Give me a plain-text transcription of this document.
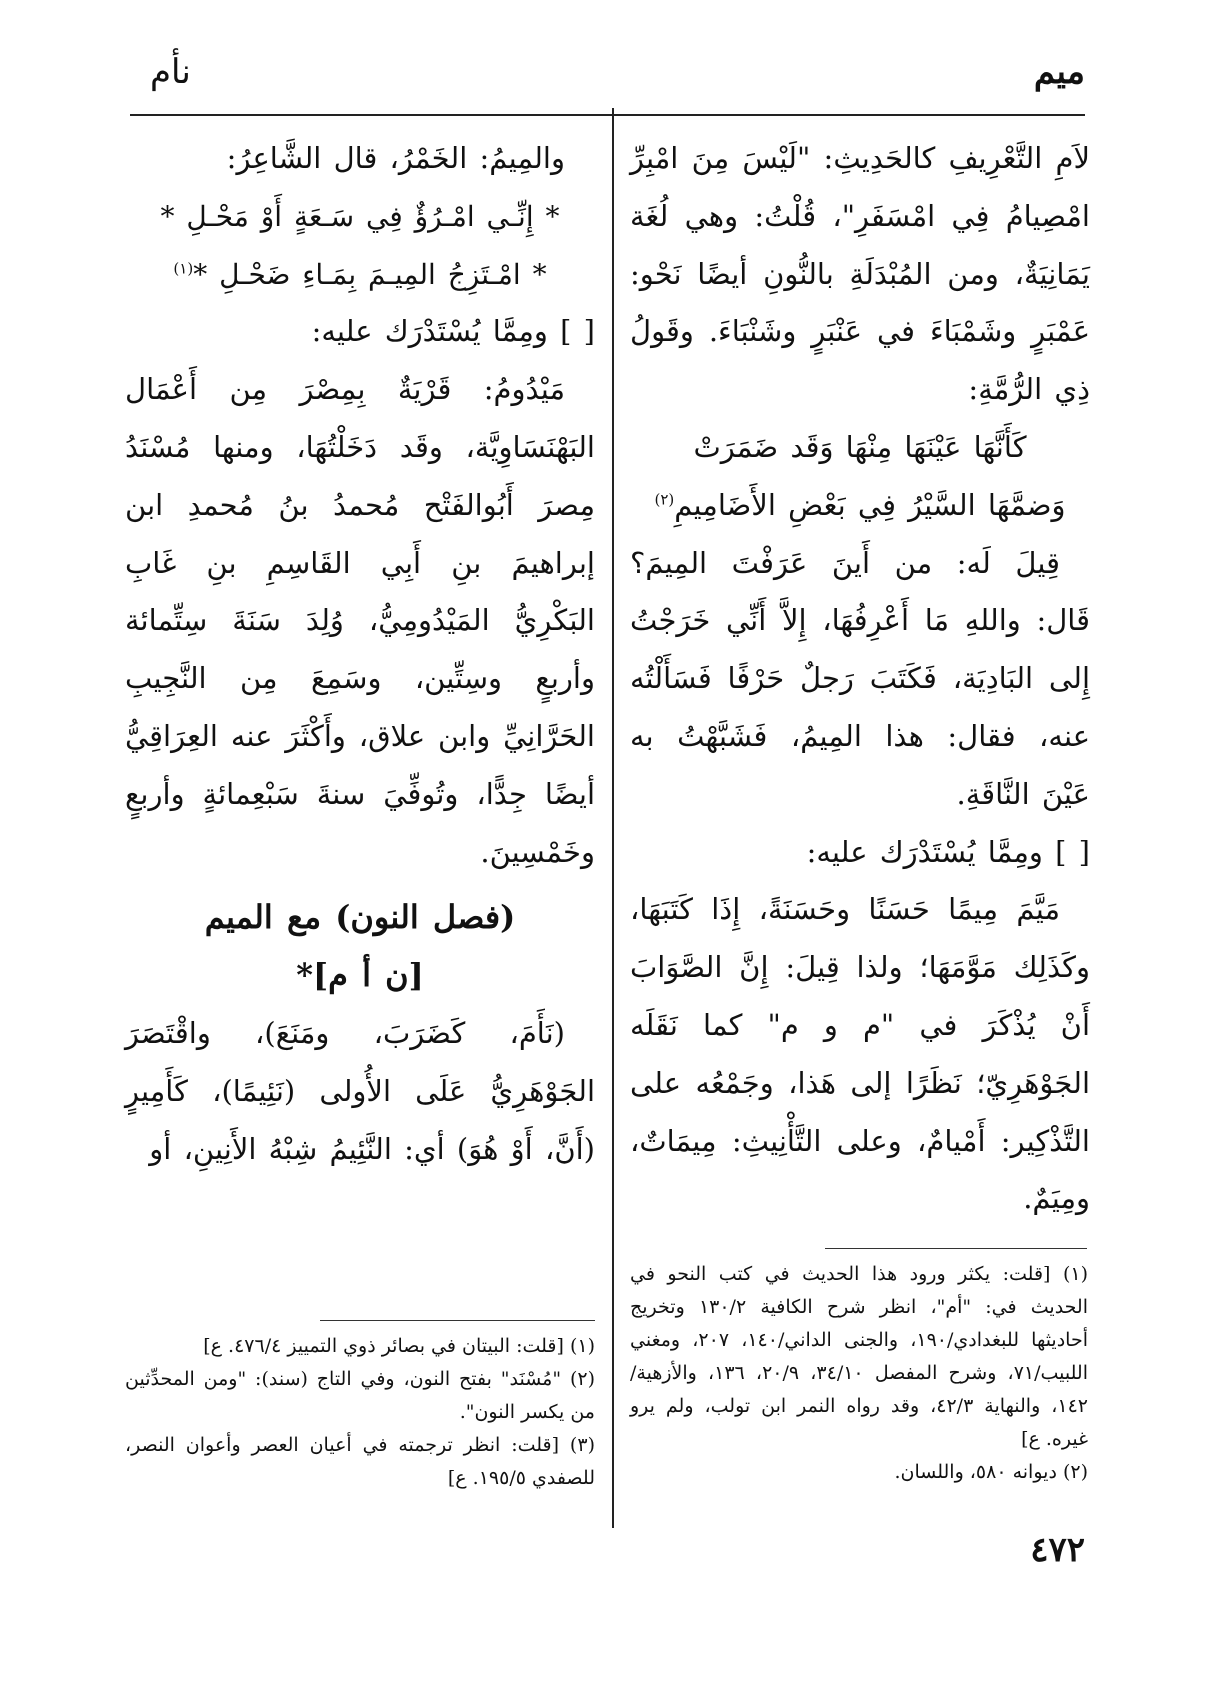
ميم
نأم

لاَمِ التَّعْرِيفِ كالحَدِيثِ: "لَيْسَ مِنَ امْبِرِّ امْصِيامُ فِي امْسَفَرِ"، قُلْتُ: وهي لُغَة يَمَانِيَةٌ، ومن المُبْدَلَةِ بالنُّونِ أيضًا نَحْو: عَمْبَرٍ وشَمْبَاءَ في عَنْبَرٍ وشَنْبَاءَ. وقَولُ ذِي الرُّمَّةِ:

كَأَنَّهَا عَيْنَهَا مِنْهَا وَقَد ضَمَرَتْ

وَضمَّهَا السَّيْرُ فِي بَعْضِ الأَضَامِيمِ$^{(٢)}$

قِيلَ لَه: من أَينَ عَرَفْتَ المِيمَ؟ قَال: واللهِ مَا أَعْرِفُهَا، إِلاَّ أَنِّي خَرَجْتُ إِلى البَادِيَة، فَكَتَبَ رَجلٌ حَرْفًا فَسَأَلْتُه عنه، فقال: هذا المِيمُ، فَشَبَّهْتُ به عَيْنَ النَّاقَةِ.

[ ] ومِمَّا يُسْتَدْرَك عليه:

مَيَّمَ مِيمًا حَسَنًا وحَسَنَةً، إِذَا كَتَبَهَا، وكَذَلِك مَوَّمَهَا؛ ولذا قِيلَ: إِنَّ الصَّوَابَ أَنْ يُذْكَرَ في "م و م" كما نَقَلَه الجَوْهَرِيّ؛ نَظَرًا إلى هَذا، وجَمْعُه على التَّذْكِير: أَمْيامٌ، وعلى التَّأْنِيثِ: مِيمَاتٌ، ومِيَمٌ.

والمِيمُ: الخَمْرُ، قال الشَّاعِرُ:

* إِنِّـي امْـرُؤٌ فِي سَـعَةٍ أَوْ مَحْـلِ *

* امْـتَزِجُ المِيـمَ بِمَـاءِ ضَحْـلِ *$^{(١)}$

[ ] ومِمَّا يُسْتَدْرَك عليه:

مَيْدُومُ: قَرْيَةٌ بِمِصْرَ مِن أَعْمَال البَهْنَسَاوِيَّة، وقَد دَخَلْتُهَا، ومنها مُسْنَدُ مِصرَ أَبُوالفَتْح مُحمدُ بنُ مُحمدِ ابن إبراهيمَ بنِ أَبِي القَاسِمِ بنِ غَابِ البَكْرِيُّ المَيْدُومِيُّ، وُلِدَ سَنَةَ سِتِّمائة وأربعٍ وسِتِّين، وسَمِعَ مِن النَّجِيبِ الحَرَّانِيِّ وابن علاق، وأَكْثَرَ عنه العِرَاقِيُّ أيضًا جِدًّا، وتُوفِّيَ سنةَ سَبْعِمائةٍ وأربعٍ وخَمْسِينَ.

(فصل النون) مع الميم

[ن أ م]*

(نَأَمَ، كَضَرَبَ، ومَنَعَ)، واقْتَصَرَ الجَوْهَرِيُّ عَلَى الأُولى (نَئِيمًا)، كَأَمِيرٍ (أَنَّ، أَوْ هُوَ) أي: النَّئِيمُ شِبْهُ الأَنِينِ، أو

(١) [قلت: يكثر ورود هذا الحديث في كتب النحو في الحديث في: "أم"، انظر شرح الكافية ١٣٠/٢ وتخريج أحاديثها للبغدادي/١٩٠، والجنى الداني/١٤٠، ٢٠٧، ومغني اللبيب/٧١، وشرح المفصل ٣٤/١٠، ٢٠/٩، ١٣٦، والأزهية/١٤٢، والنهاية ٤٢/٣، وقد رواه النمر ابن تولب، ولم يرو غيره. ع]

(٢) ديوانه ٥٨٠، واللسان.

(١) [قلت: البيتان في بصائر ذوي التمييز ٤٧٦/٤. ع]

(٢) "مُسْنَد" بفتح النون، وفي التاج (سند): "ومن المحدِّثين من يكسر النون".

(٣) [قلت: انظر ترجمته في أعيان العصر وأعوان النصر، للصفدي ١٩٥/٥. ع]

٤٧٢
